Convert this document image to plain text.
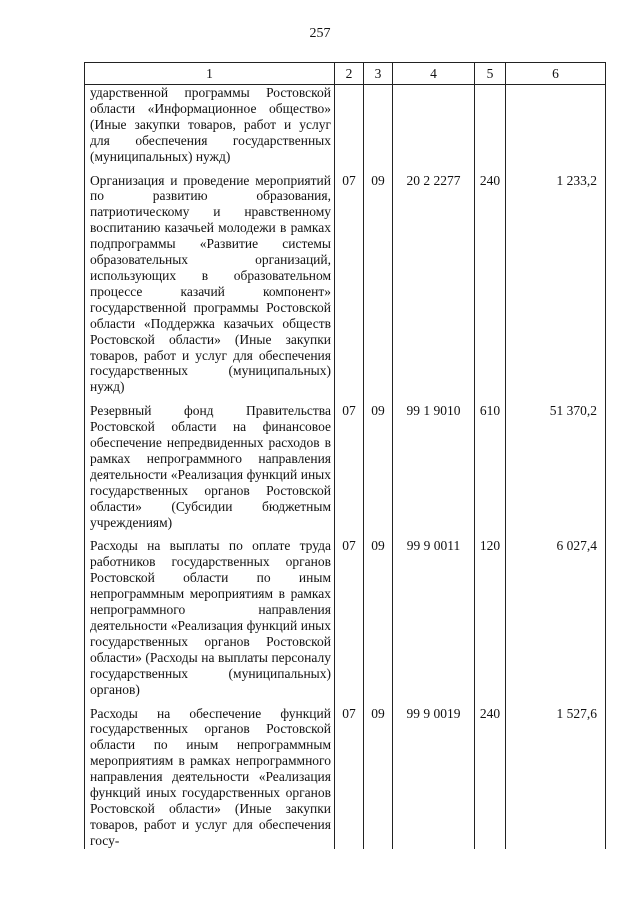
257
1	2	3	4	5	6
ударственной программы Ростовской области «Информационное общество» (Иные закупки товаров, работ и услуг для обеспечения государственных (муниципальных) нужд)					

Организация и проведение мероприятий по развитию образования, патриотическому и нравственному воспитанию казачьей молодежи в рамках подпрограммы «Развитие системы образовательных организаций, использующих в образовательном процессе казачий компонент» государственной программы Ростовской области «Поддержка казачьих обществ Ростовской области» (Иные закупки товаров, работ и услуг для обеспечения государственных (муниципальных) нужд)	07	09	20 2 2277	240	1 233,2

Резервный фонд Правительства Ростовской области на финансовое обеспечение непредвиденных расходов в рамках непрограммного направления деятельности «Реализация функций иных государственных органов Ростовской области» (Субсидии бюджетным учреждениям)	07	09	99 1 9010	610	51 370,2

Расходы на выплаты по оплате труда работников государственных органов Ростовской области по иным непрограммным мероприятиям в рамках непрограммного направления деятельности «Реализация функций иных государственных органов Ростовской области» (Расходы на выплаты персоналу государственных (муниципальных) органов)	07	09	99 9 0011	120	6 027,4

Расходы на обеспечение функций государственных органов Ростовской области по иным непрограммным мероприятиям в рамках непрограммного направления деятельности «Реализация функций иных государственных органов Ростовской области» (Иные закупки товаров, работ и услуг для обеспечения госу-	07	09	99 9 0019	240	1 527,6
